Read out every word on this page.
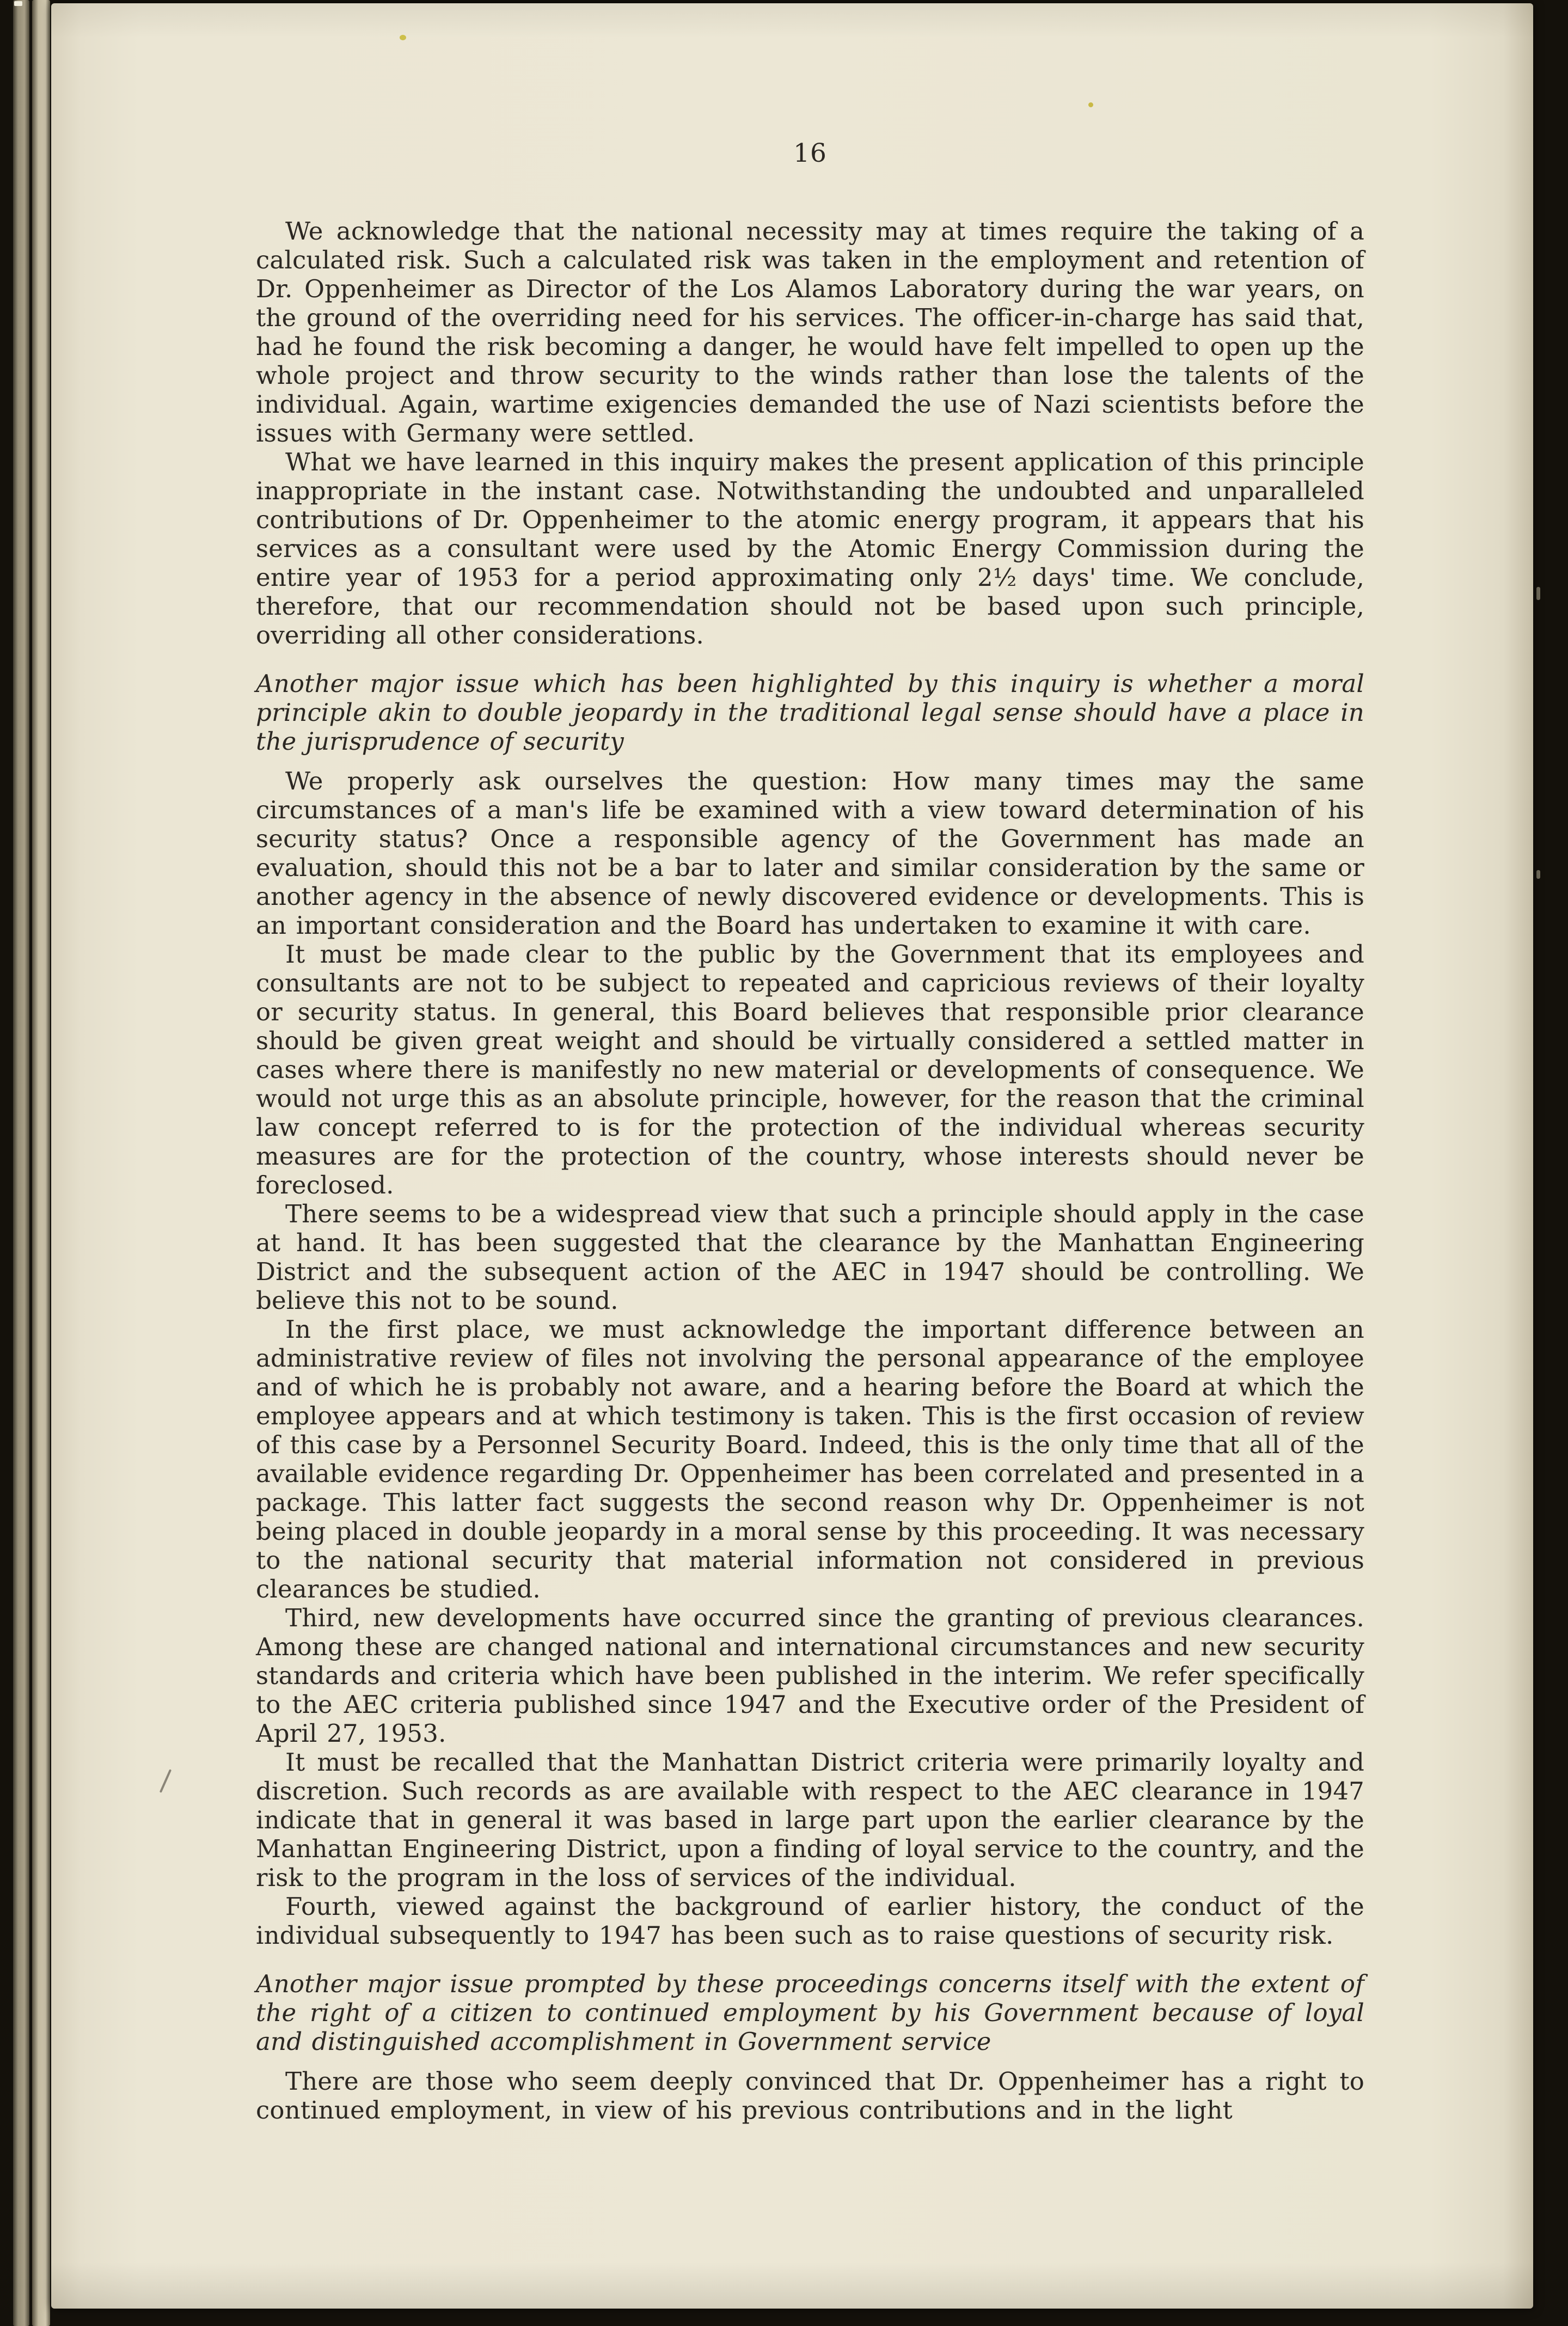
16

We acknowledge that the national necessity may at times require the taking of a calculated risk. Such a calculated risk was taken in the employment and retention of Dr. Oppenheimer as Director of the Los Alamos Laboratory during the war years, on the ground of the overriding need for his services. The officer-in-charge has said that, had he found the risk becoming a danger, he would have felt impelled to open up the whole project and throw security to the winds rather than lose the talents of the individual. Again, wartime exigencies demanded the use of Nazi scientists before the issues with Germany were settled.

What we have learned in this inquiry makes the present application of this principle inappropriate in the instant case. Notwithstanding the undoubted and unparalleled contributions of Dr. Oppenheimer to the atomic energy program, it appears that his services as a consultant were used by the Atomic Energy Commission during the entire year of 1953 for a period approximating only 2½ days' time. We conclude, therefore, that our recommendation should not be based upon such principle, overriding all other considerations.

Another major issue which has been highlighted by this inquiry is whether a moral principle akin to double jeopardy in the traditional legal sense should have a place in the jurisprudence of security

We properly ask ourselves the question: How many times may the same circumstances of a man's life be examined with a view toward determination of his security status? Once a responsible agency of the Government has made an evaluation, should this not be a bar to later and similar consideration by the same or another agency in the absence of newly discovered evidence or developments. This is an important consideration and the Board has undertaken to examine it with care.

It must be made clear to the public by the Government that its employees and consultants are not to be subject to repeated and capricious reviews of their loyalty or security status. In general, this Board believes that responsible prior clearance should be given great weight and should be virtually considered a settled matter in cases where there is manifestly no new material or developments of consequence. We would not urge this as an absolute principle, however, for the reason that the criminal law concept referred to is for the protection of the individual whereas security measures are for the protection of the country, whose interests should never be foreclosed.

There seems to be a widespread view that such a principle should apply in the case at hand. It has been suggested that the clearance by the Manhattan Engineering District and the subsequent action of the AEC in 1947 should be controlling. We believe this not to be sound.

In the first place, we must acknowledge the important difference between an administrative review of files not involving the personal appearance of the employee and of which he is probably not aware, and a hearing before the Board at which the employee appears and at which testimony is taken. This is the first occasion of review of this case by a Personnel Security Board. Indeed, this is the only time that all of the available evidence regarding Dr. Oppenheimer has been correlated and presented in a package. This latter fact suggests the second reason why Dr. Oppenheimer is not being placed in double jeopardy in a moral sense by this proceeding. It was necessary to the national security that material information not considered in previous clearances be studied.

Third, new developments have occurred since the granting of previous clearances. Among these are changed national and international circumstances and new security standards and criteria which have been published in the interim. We refer specifically to the AEC criteria published since 1947 and the Executive order of the President of April 27, 1953.

It must be recalled that the Manhattan District criteria were primarily loyalty and discretion. Such records as are available with respect to the AEC clearance in 1947 indicate that in general it was based in large part upon the earlier clearance by the Manhattan Engineering District, upon a finding of loyal service to the country, and the risk to the program in the loss of services of the individual.

Fourth, viewed against the background of earlier history, the conduct of the individual subsequently to 1947 has been such as to raise questions of security risk.

Another major issue prompted by these proceedings concerns itself with the extent of the right of a citizen to continued employment by his Government because of loyal and distinguished accomplishment in Government service

There are those who seem deeply convinced that Dr. Oppenheimer has a right to continued employment, in view of his previous contributions and in the light
